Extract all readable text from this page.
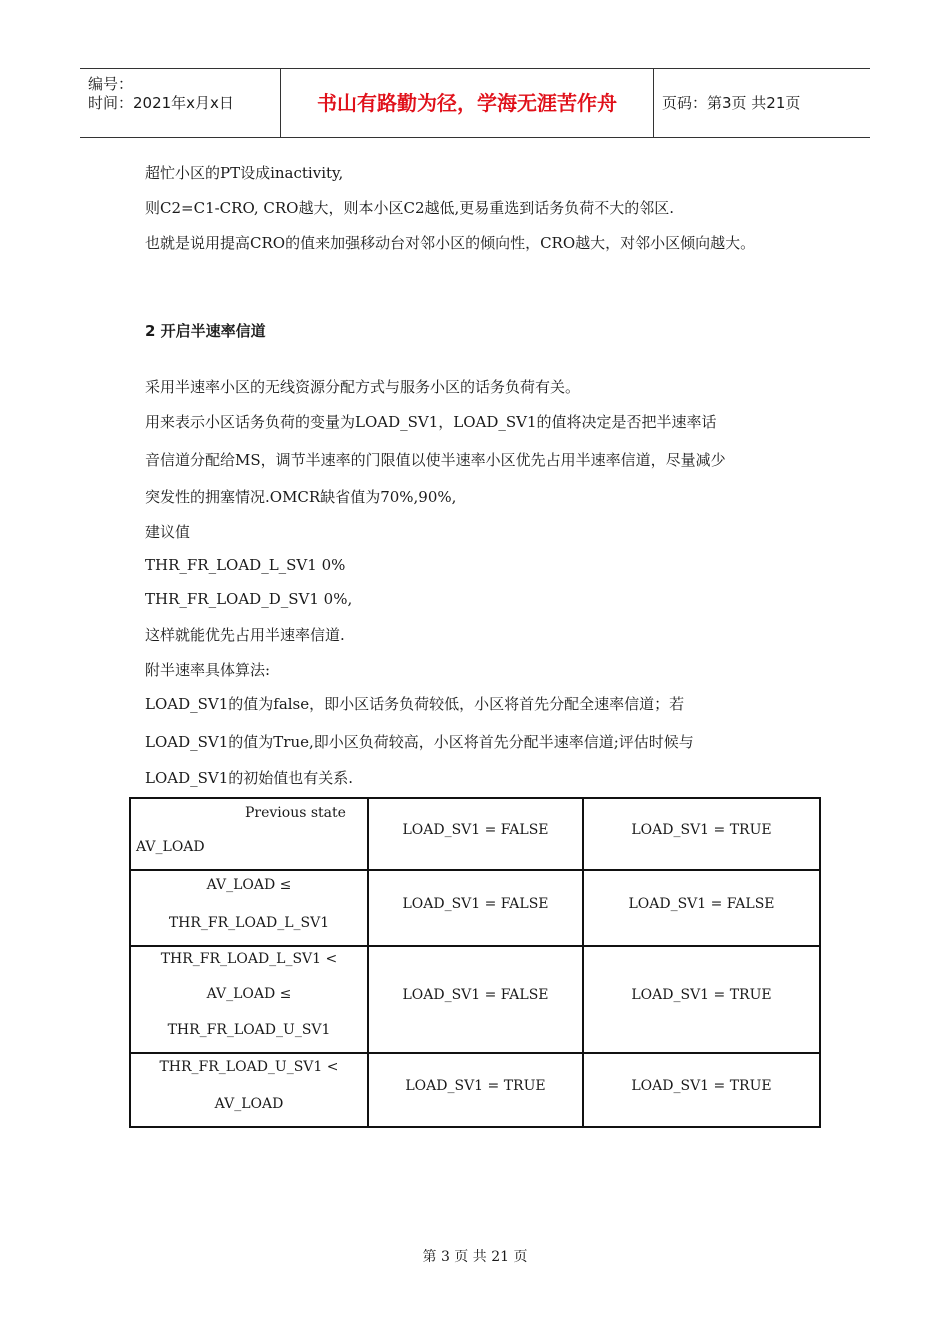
编号：
时间：2021年x月x日	书山有路勤为径，学海无涯苦作舟	页码：第3页 共21页
超忙小区的PT设成inactivity,
则C2=C1-CRO, CRO越大，则本小区C2越低,更易重选到话务负荷不大的邻区.
也就是说用提高CRO的值来加强移动台对邻小区的倾向性，CRO越大，对邻小区倾向越大。
2 开启半速率信道
采用半速率小区的无线资源分配方式与服务小区的话务负荷有关。
用来表示小区话务负荷的变量为LOAD_SV1，LOAD_SV1的值将决定是否把半速率话
音信道分配给MS，调节半速率的门限值以使半速率小区优先占用半速率信道，尽量减少
突发性的拥塞情况.OMCR缺省值为70%,90%,
建议值
THR_FR_LOAD_L_SV1 0%
THR_FR_LOAD_D_SV1 0%,
这样就能优先占用半速率信道.
附半速率具体算法:
LOAD_SV1的值为false，即小区话务负荷较低，小区将首先分配全速率信道；若
LOAD_SV1的值为True,即小区负荷较高，小区将首先分配半速率信道;评估时候与
LOAD_SV1的初始值也有关系.
Previous state
AV_LOAD
LOAD_SV1 = FALSE	LOAD_SV1 = TRUE
AV_LOAD ≤
THR_FR_LOAD_L_SV1
LOAD_SV1 = FALSE	LOAD_SV1 = FALSE
THR_FR_LOAD_L_SV1 <
AV_LOAD ≤
THR_FR_LOAD_U_SV1
LOAD_SV1 = FALSE	LOAD_SV1 = TRUE
THR_FR_LOAD_U_SV1 <
AV_LOAD
LOAD_SV1 = TRUE	LOAD_SV1 = TRUE
第 3 页 共 21 页
